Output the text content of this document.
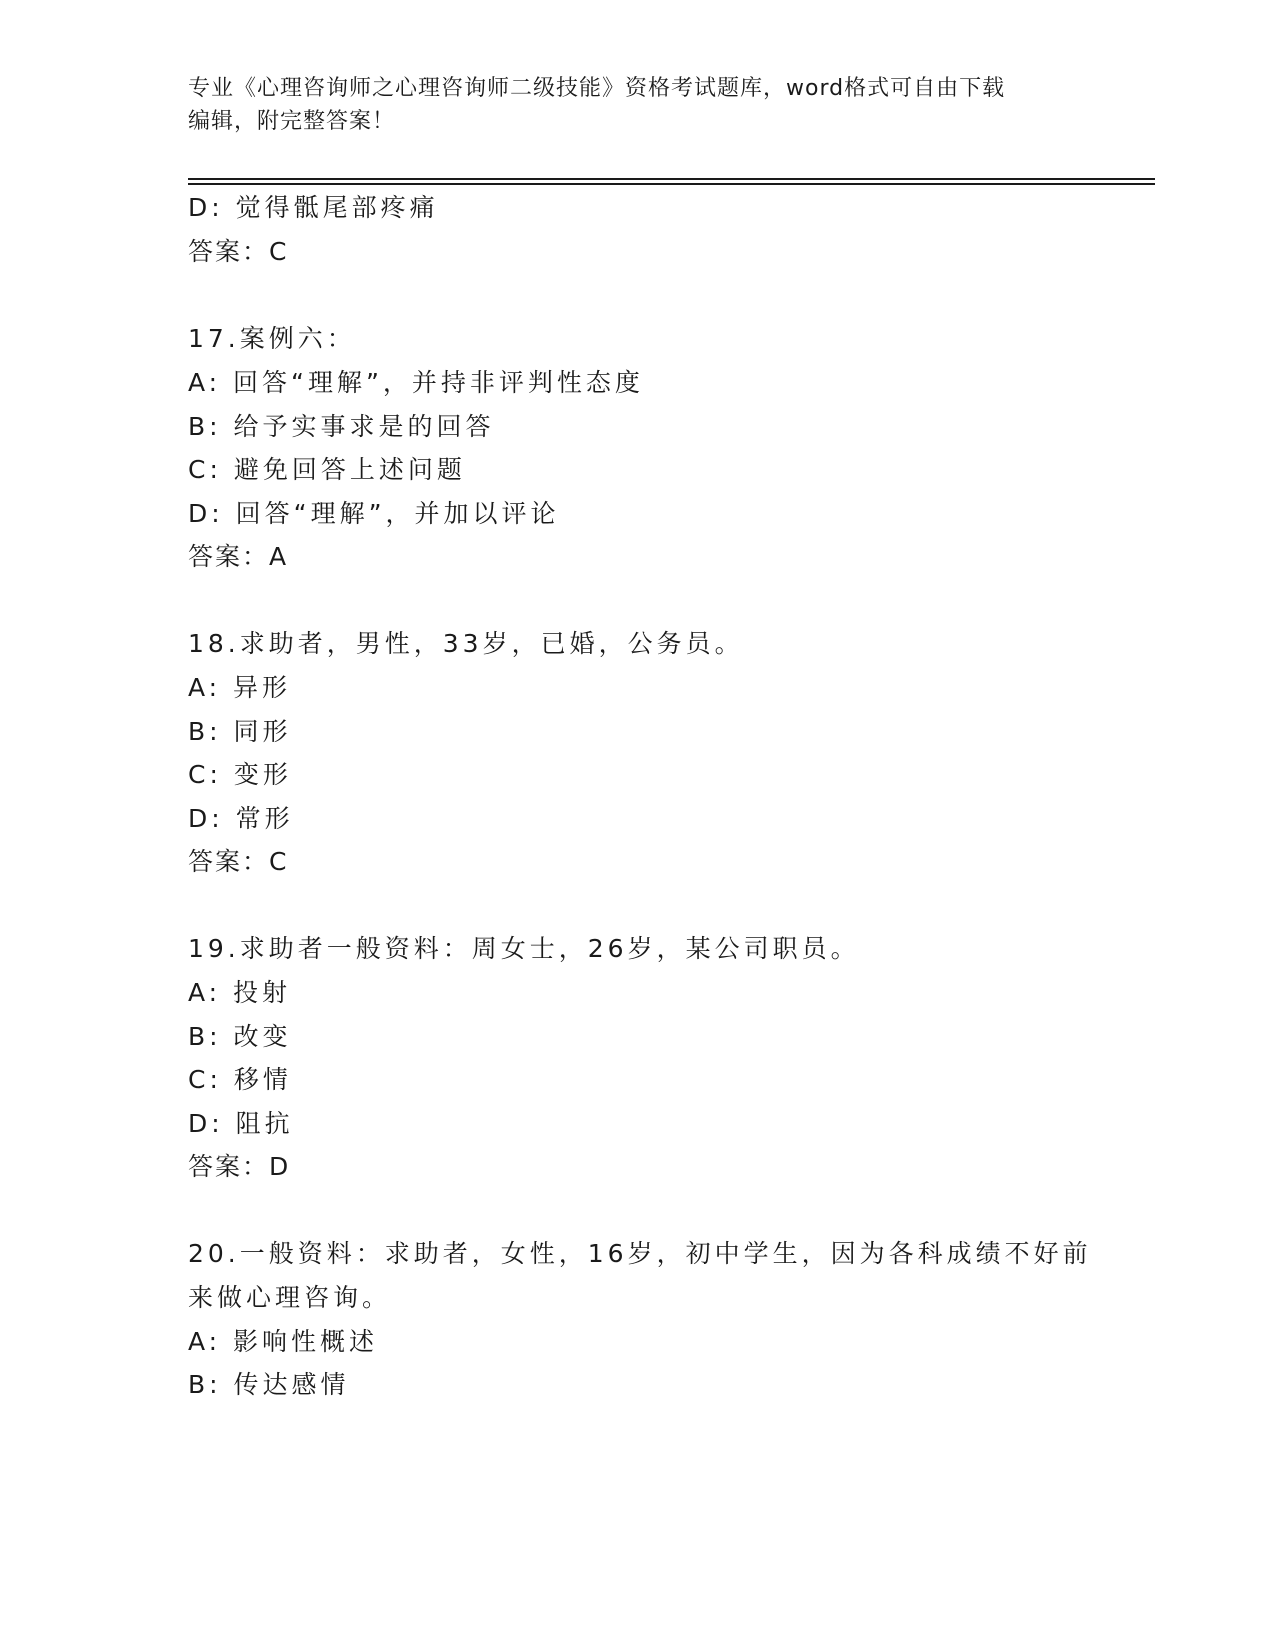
专业《心理咨询师之心理咨询师二级技能》资格考试题库，word格式可自由下载
编辑，附完整答案！
D: 觉得骶尾部疼痛
答案：C
17.案例六：
A: 回答“理解”，并持非评判性态度
B: 给予实事求是的回答
C: 避免回答上述问题
D: 回答“理解”，并加以评论
答案：A
18.求助者，男性，33岁，已婚，公务员。
A: 异形
B: 同形
C: 变形
D: 常形
答案：C
19.求助者一般资料：周女士，26岁，某公司职员。
A: 投射
B: 改变
C: 移情
D: 阻抗
答案：D
20.一般资料：求助者，女性，16岁，初中学生，因为各科成绩不好前
来做心理咨询。
A: 影响性概述
B: 传达感情
